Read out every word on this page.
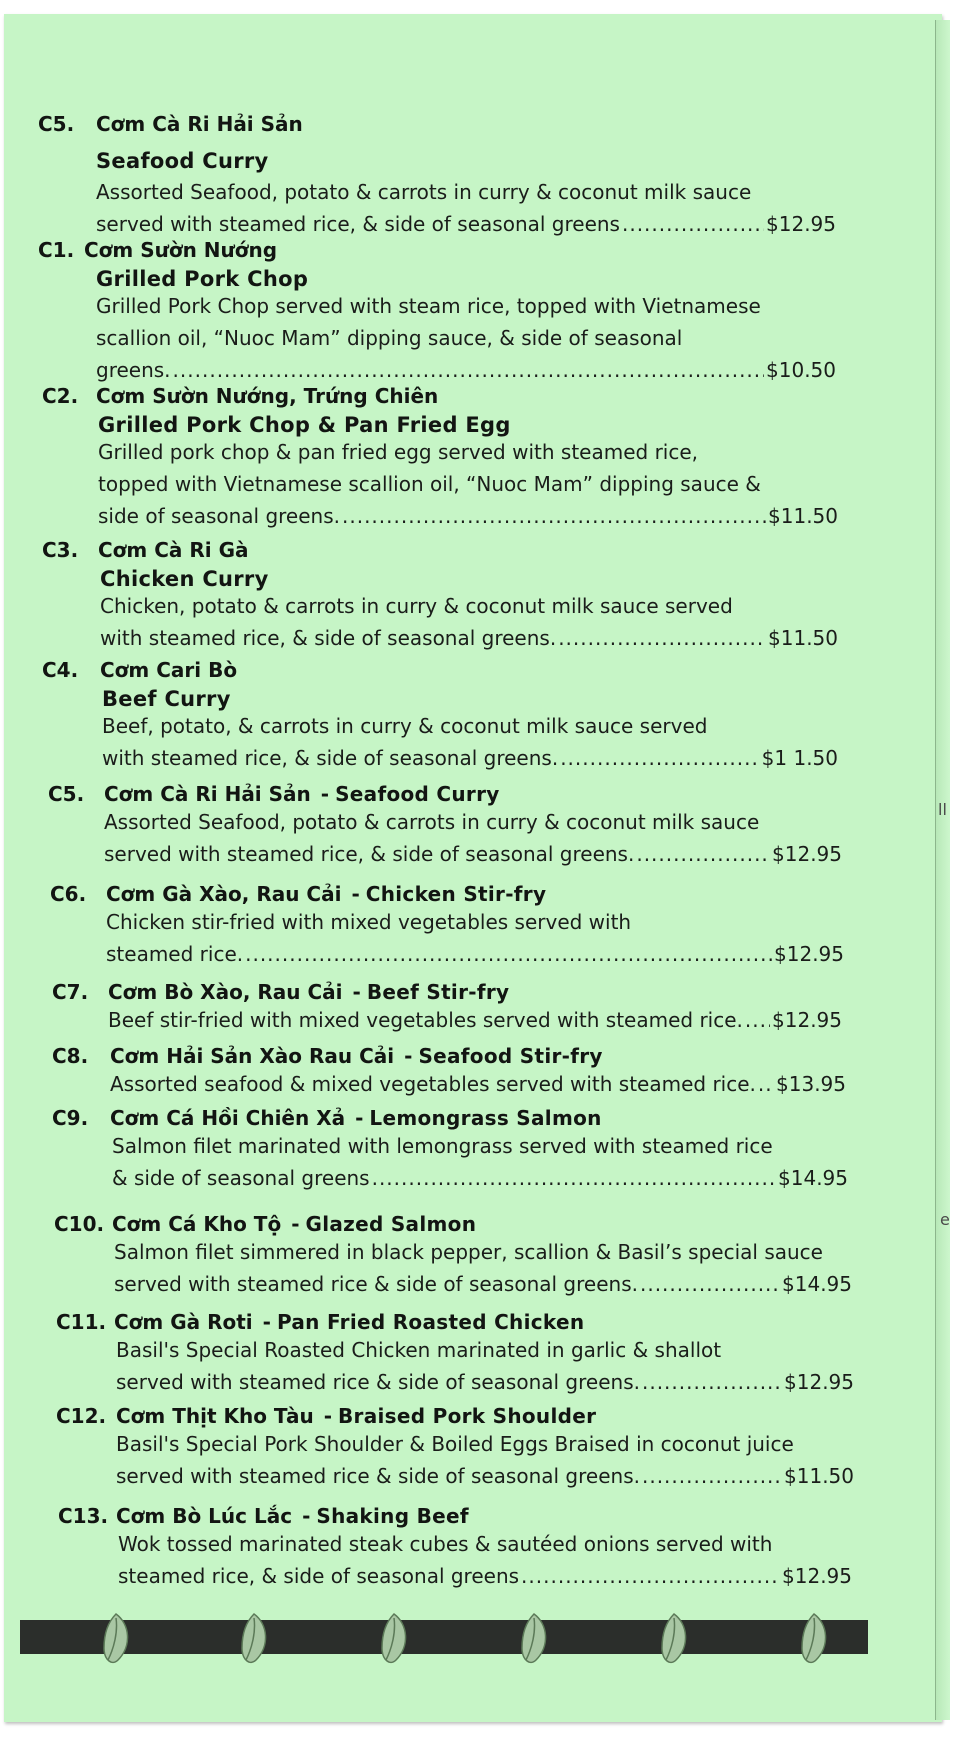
C5. Cơm Cà Ri Hải Sản
Seafood Curry
Assorted Seafood, potato & carrots in curry & coconut milk sauce
served with steamed rice, & side of seasonal greens .....	$12.95
C1. Cơm Sườn Nướng
Grilled Pork Chop
Grilled Pork Chop served with steam rice, topped with Vietnamese
scallion oil, “Nuoc Mam” dipping sauce, & side of seasonal
greens. .....	$10.50
C2. Cơm Sườn Nướng, Trứng Chiên
Grilled Pork Chop & Pan Fried Egg
Grilled pork chop & pan fried egg served with steamed rice,
topped with Vietnamese scallion oil, “Nuoc Mam” dipping sauce &
side of seasonal greens. .....	$11.50
C3. Cơm Cà Ri Gà
Chicken Curry
Chicken, potato & carrots in curry & coconut milk sauce served
with steamed rice, & side of seasonal greens. .....	$11.50
C4. Cơm Cari Bò
Beef Curry
Beef, potato, & carrots in curry & coconut milk sauce served
with steamed rice, & side of seasonal greens. .....	$1 1.50
C5. Cơm Cà Ri Hải Sản - Seafood Curry
Assorted Seafood, potato & carrots in curry & coconut milk sauce
served with steamed rice, & side of seasonal greens. .....	$12.95
C6. Cơm Gà Xào, Rau Cải - Chicken Stir-fry
Chicken stir-fried with mixed vegetables served with
steamed rice. .....	$12.95
C7. Cơm Bò Xào, Rau Cải - Beef Stir-fry
Beef stir-fried with mixed vegetables served with steamed rice. ..... $12.95
C8. Cơm Hải Sản Xào Rau Cải - Seafood Stir-fry
Assorted seafood & mixed vegetables served with steamed rice. ..... $13.95
C9. Cơm Cá Hồi Chiên Xả - Lemongrass Salmon
Salmon filet marinated with lemongrass served with steamed rice
& side of seasonal greens .....	$14.95
C10. Cơm Cá Kho Tộ - Glazed Salmon
Salmon filet simmered in black pepper, scallion & Basil’s special sauce
served with steamed rice & side of seasonal greens. .....	$14.95
C11. Cơm Gà Roti - Pan Fried Roasted Chicken
Basil's Special Roasted Chicken marinated in garlic & shallot
served with steamed rice & side of seasonal greens. .....	$12.95
C12. Cơm Thịt Kho Tàu - Braised Pork Shoulder
Basil's Special Pork Shoulder & Boiled Eggs Braised in coconut juice
served with steamed rice & side of seasonal greens. .....	$11.50
C13. Cơm Bò Lúc Lắc - Shaking Beef
Wok tossed marinated steak cubes & sautéed onions served with
steamed rice, & side of seasonal greens .....	$12.95
ll
e
